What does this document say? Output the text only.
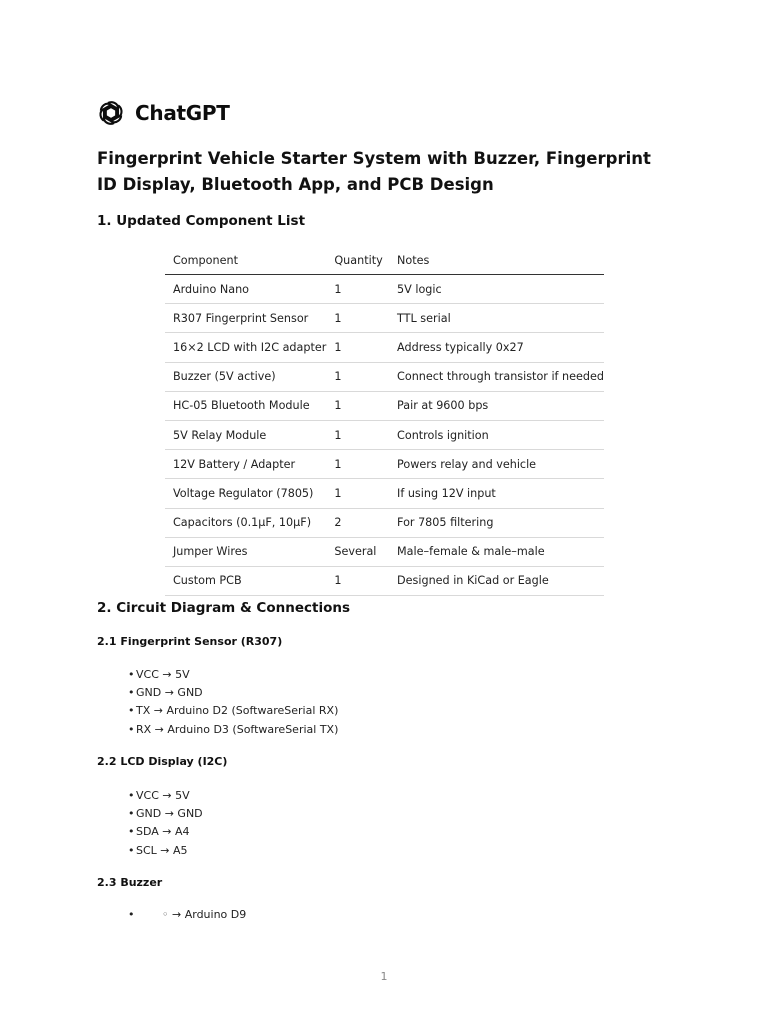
ChatGPT
Fingerprint Vehicle Starter System with Buzzer, Fingerprint ID Display, Bluetooth App, and PCB Design
1. Updated Component List
Component	Quantity	Notes
Arduino Nano	1	5V logic
R307 Fingerprint Sensor	1	TTL serial
16×2 LCD with I2C adapter	1	Address typically 0x27
Buzzer (5V active)	1	Connect through transistor if needed
HC-05 Bluetooth Module	1	Pair at 9600 bps
5V Relay Module	1	Controls ignition
12V Battery / Adapter	1	Powers relay and vehicle
Voltage Regulator (7805)	1	If using 12V input
Capacitors (0.1µF, 10µF)	2	For 7805 filtering
Jumper Wires	Several	Male–female & male–male
Custom PCB	1	Designed in KiCad or Eagle
2. Circuit Diagram & Connections
2.1 Fingerprint Sensor (R307)
• VCC → 5V
• GND → GND
• TX → Arduino D2 (SoftwareSerial RX)
• RX → Arduino D3 (SoftwareSerial TX)
2.2 LCD Display (I2C)
• VCC → 5V
• GND → GND
• SDA → A4
• SCL → A5
2.3 Buzzer
•	◦ → Arduino D9
1
